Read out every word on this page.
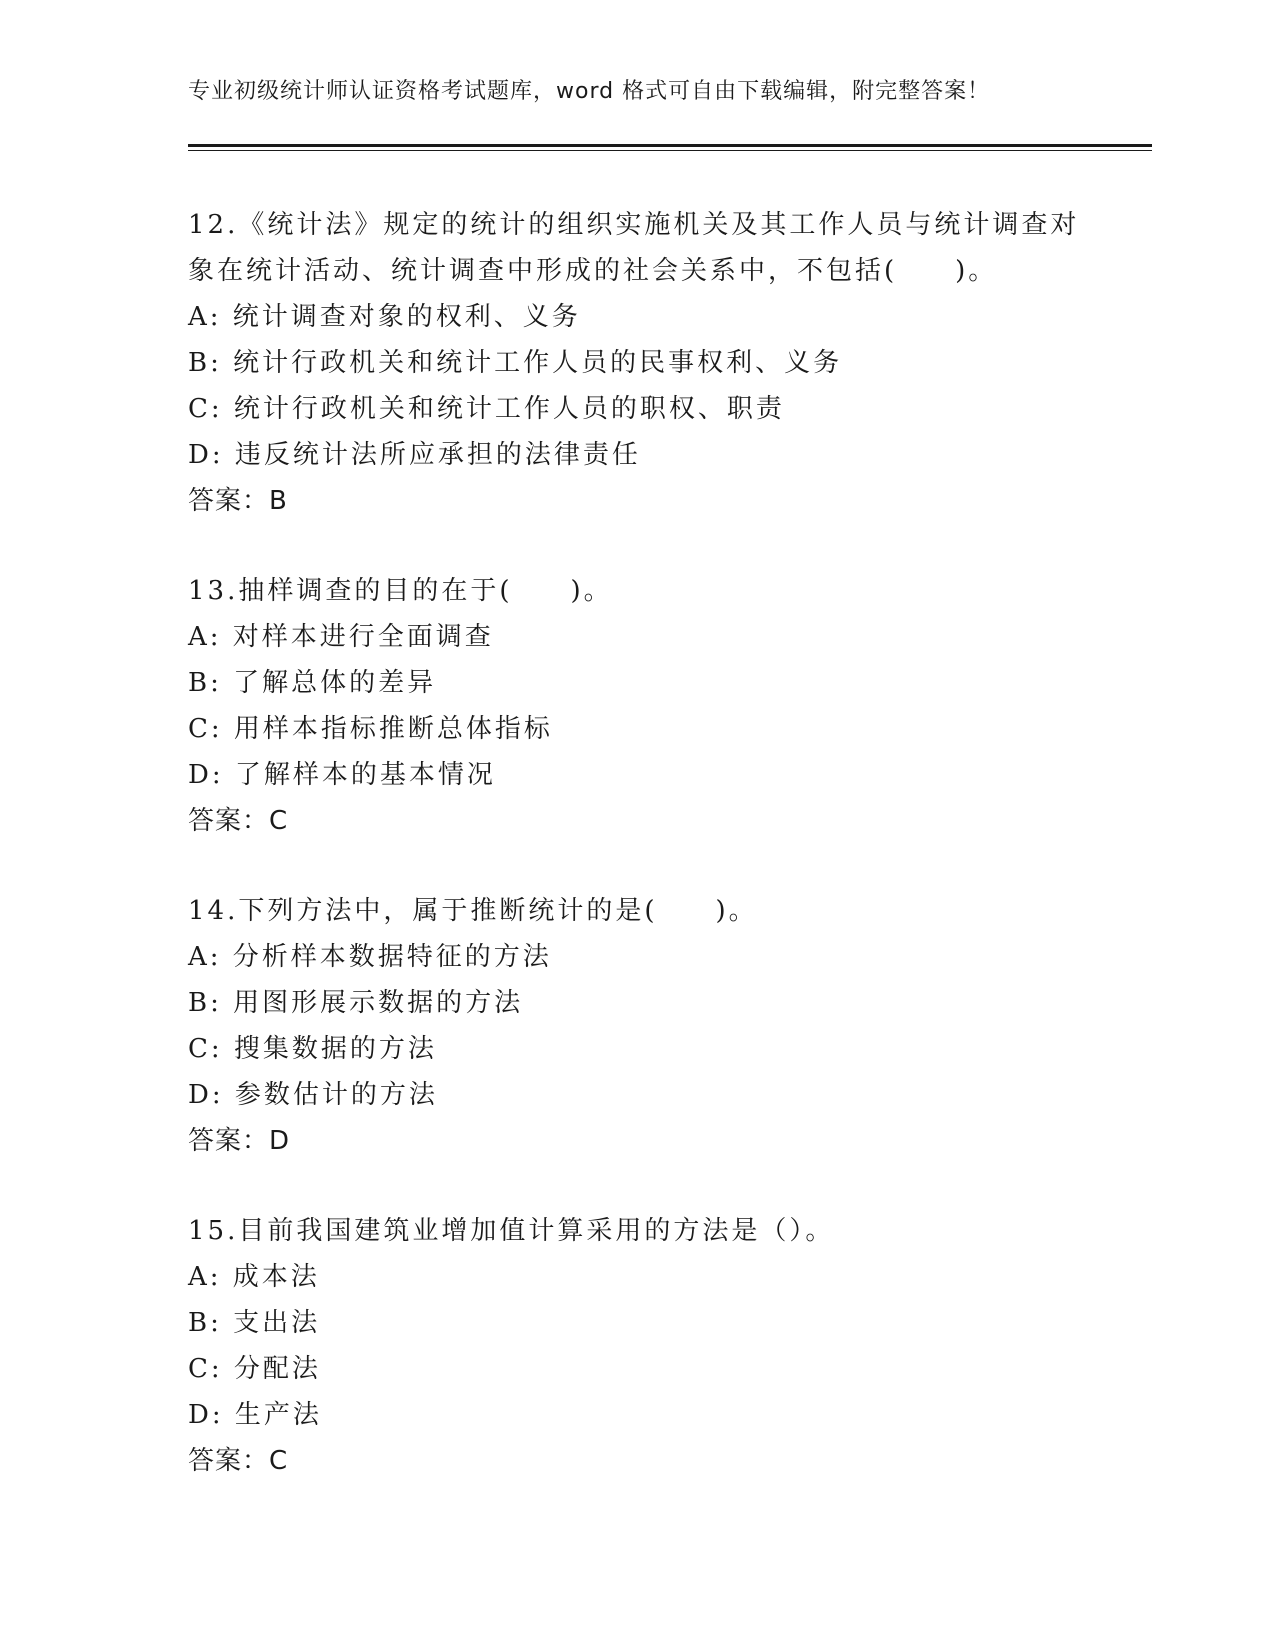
专业初级统计师认证资格考试题库，word 格式可自由下载编辑，附完整答案！

12.《统计法》规定的统计的组织实施机关及其工作人员与统计调查对象在统计活动、统计调查中形成的社会关系中，不包括(　　)。

A: 统计调查对象的权利、义务

B: 统计行政机关和统计工作人员的民事权利、义务

C: 统计行政机关和统计工作人员的职权、职责

D: 违反统计法所应承担的法律责任

答案：B

13.抽样调查的目的在于(　　)。

A: 对样本进行全面调查

B: 了解总体的差异

C: 用样本指标推断总体指标

D: 了解样本的基本情况

答案：C

14.下列方法中，属于推断统计的是(　　)。

A: 分析样本数据特征的方法

B: 用图形展示数据的方法

C: 搜集数据的方法

D: 参数估计的方法

答案：D

15.目前我国建筑业增加值计算采用的方法是（）。

A: 成本法

B: 支出法

C: 分配法

D: 生产法

答案：C
